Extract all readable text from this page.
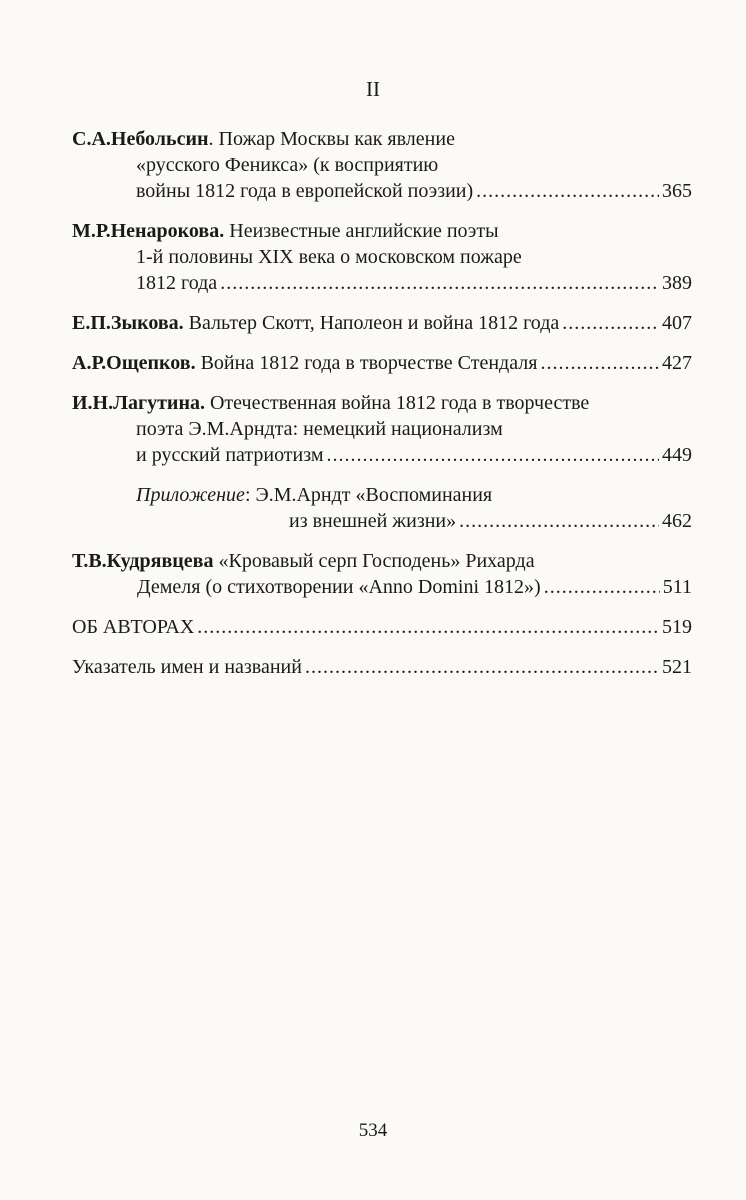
II
С.А.Небольсин. Пожар Москвы как явление
«русского Феникса» (к восприятию
войны 1812 года в европейской поэзии) .....	365
М.Р.Ненарокова. Неизвестные английские поэты
1-й половины XIX века о московском пожаре
1812 года .....	389
Е.П.Зыкова. Вальтер Скотт, Наполеон и война 1812 года .....	407
А.Р.Ощепков. Война 1812 года в творчестве Стендаля .....	427
И.Н.Лагутина. Отечественная война 1812 года в творчестве
поэта Э.М.Арндта: немецкий национализм
и русский патриотизм .....	449
Приложение: Э.М.Арндт «Воспоминания
из внешней жизни» .....	462
Т.В.Кудрявцева «Кровавый серп Господень» Рихарда
Демеля (о стихотворении «Anno Domini 1812») .....	511
ОБ АВТОРАХ .....	519
Указатель имен и названий .....	521
534
